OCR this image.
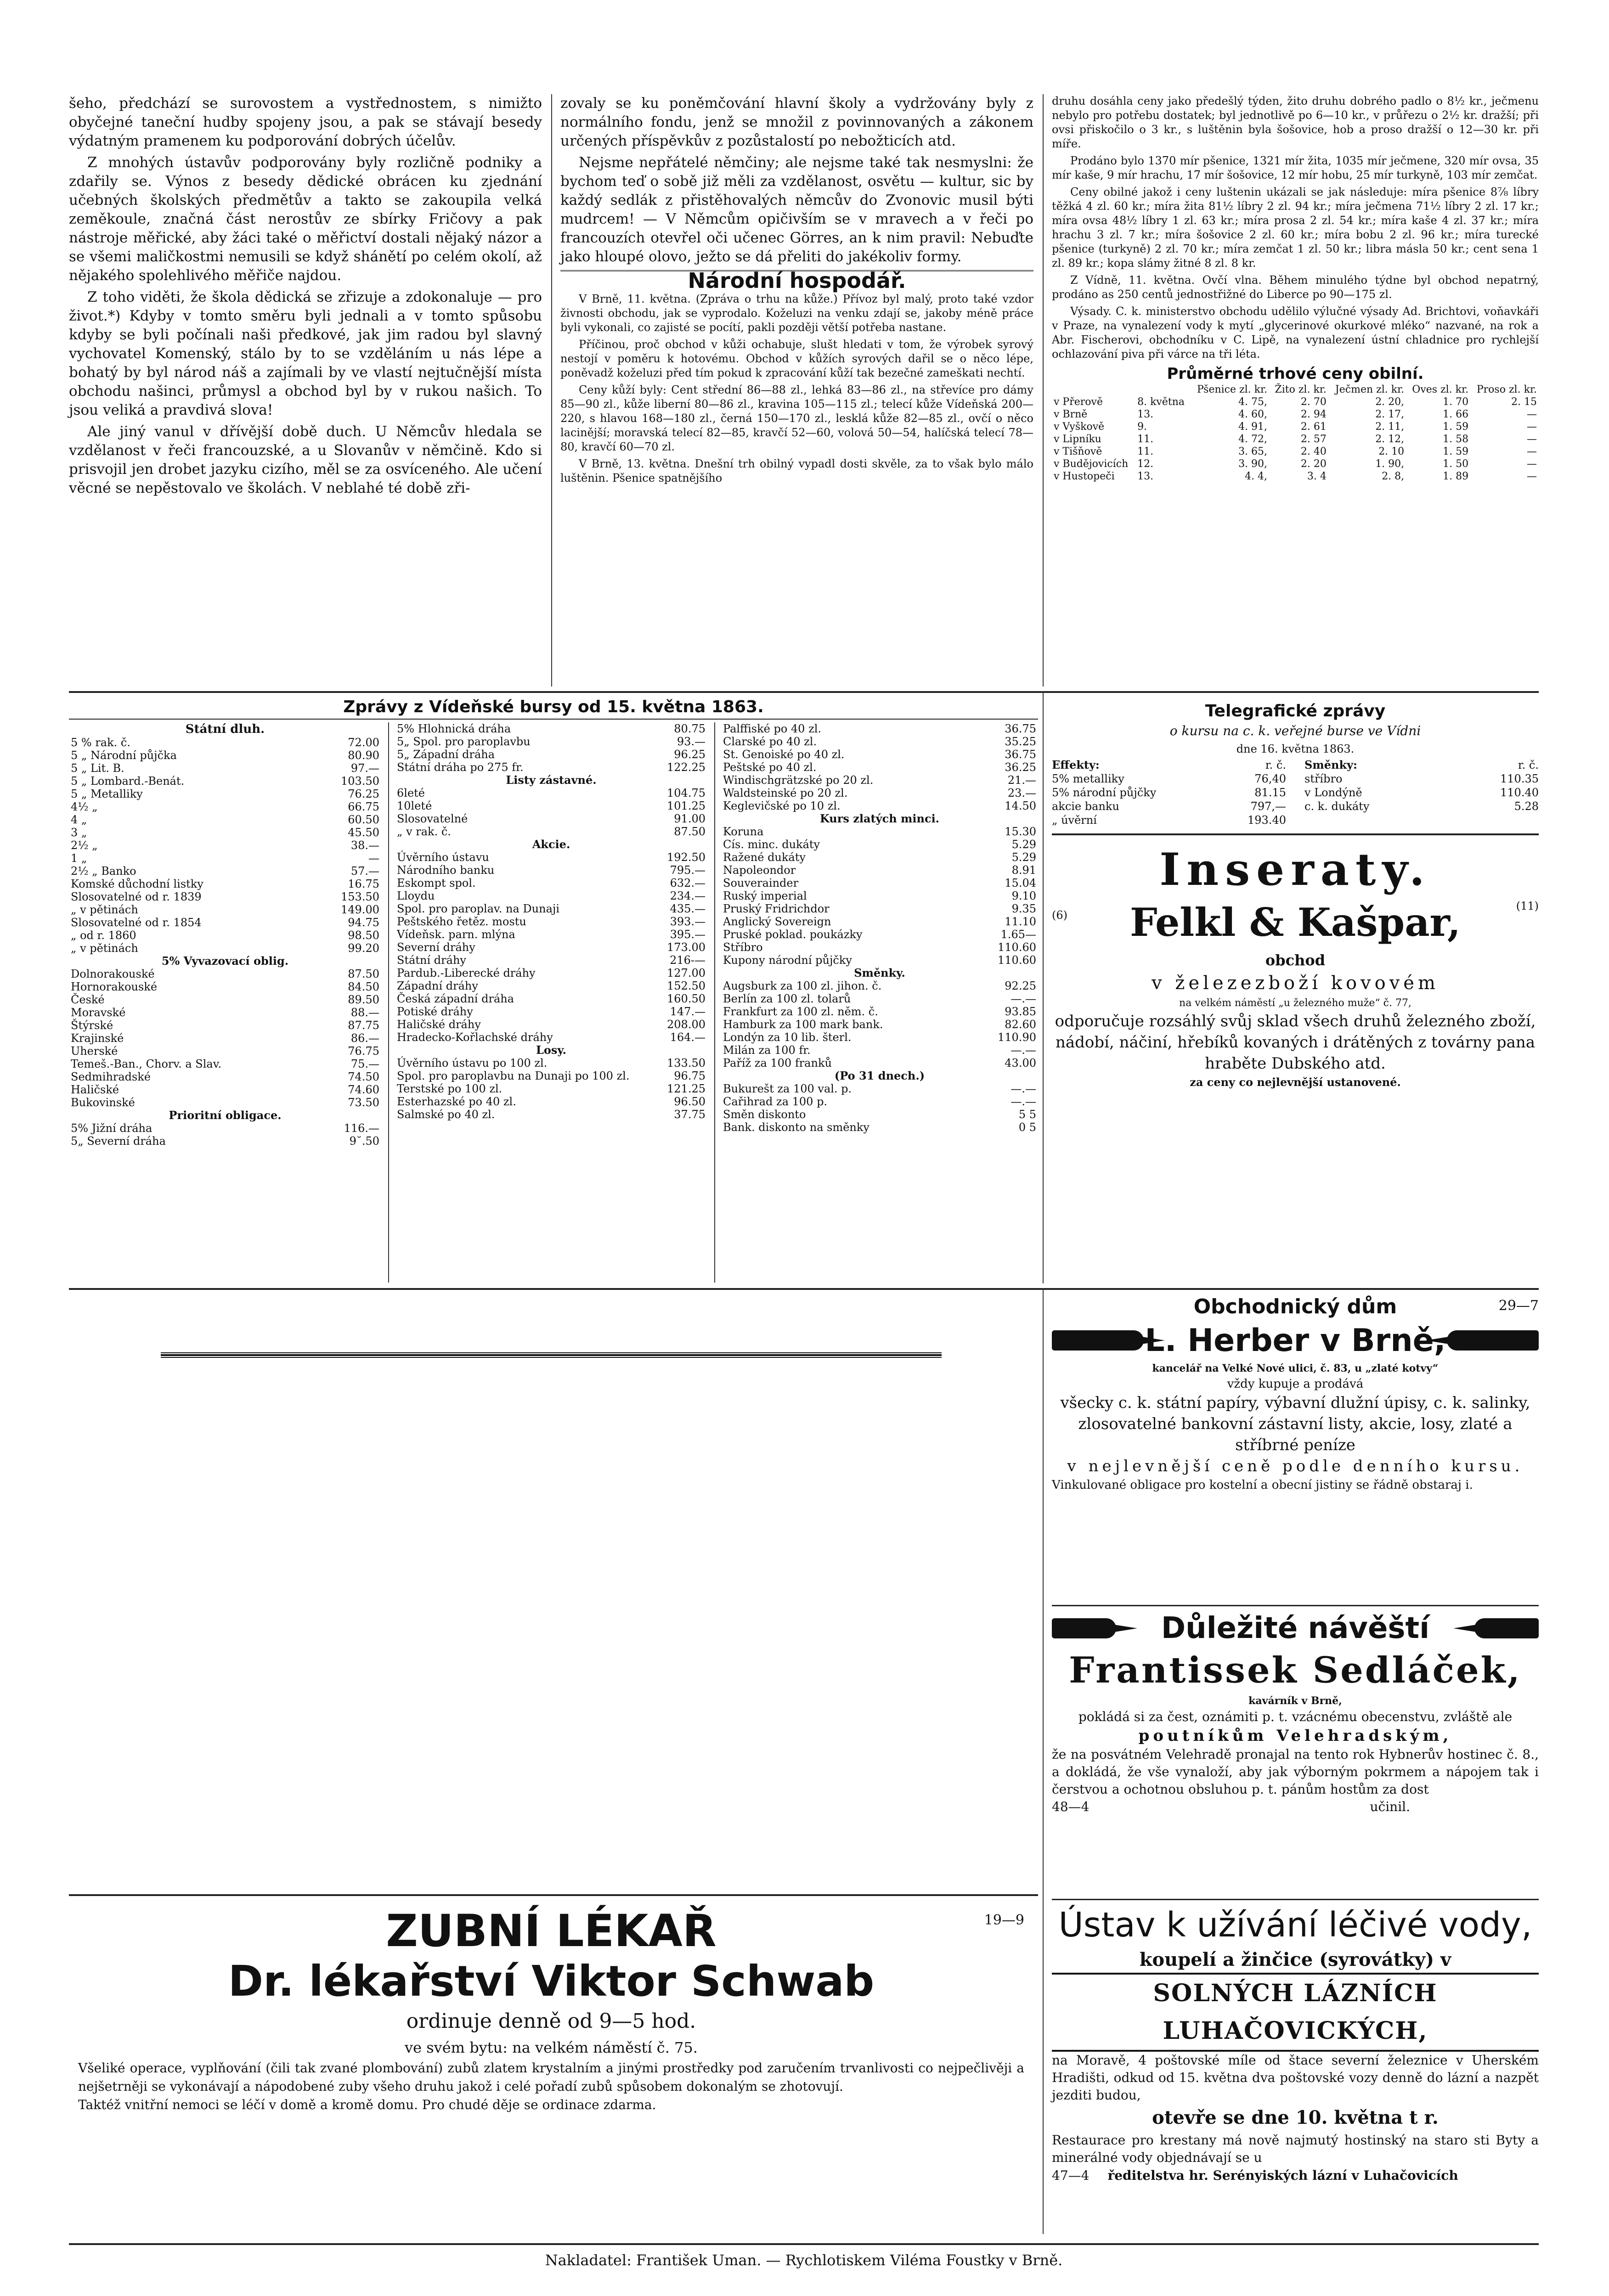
šeho, předchází se surovostem a vystřednostem, s nimižto obyčejné taneční hudby spojeny jsou, a pak se stávají besedy výdatným pramenem ku podporování dobrých účelův.

Z mnohých ústavův podporovány byly rozličně podniky a zdařily se. Výnos z besedy dědické obrácen ku zjednání učebných školských předmětův a takto se zakoupila velká zeměkoule, značná část nerostův ze sbírky Fričovy a pak nástroje měřické, aby žáci také o měřictví dostali nějaký názor a se všemi maličkostmi nemusili se když shánětí po celém okolí, až nějakého spolehlivého měřiče najdou.

Z toho viděti, že škola dědická se zřizuje a zdokonaluje — pro život.*) Kdyby v tomto směru byli jednali a v tomto spůsobu kdyby se byli počínali naši předkové, jak jim radou byl slavný vychovatel Komenský, stálo by to se vzděláním u nás lépe a bohatý by byl národ náš a zajímali by ve vlastí nejtučnější místa obchodu našinci, průmysl a obchod byl by v rukou našich. To jsou veliká a pravdivá slova!

Ale jiný vanul v dřívější době duch. U Němcův hledala se vzdělanost v řeči francouzské, a u Slovanův v němčině. Kdo si prisvojil jen drobet jazyku cizího, měl se za osvíceného. Ale učení věcné se nepěstovalo ve školách. V neblahé té době zři-

zovaly se ku poněmčování hlavní školy a vydržovány byly z normálního fondu, jenž se množil z povinnovaných a zákonem určených příspěvkův z pozůstalostí po nebožticích atd.

Nejsme nepřátelé němčiny; ale nejsme také tak nesmyslni: že bychom teď o sobě již měli za vzdělanost, osvětu — kultur, sic by každý sedlák z přistěhovalých němcův do Zvonovic musil býti mudrcem! — V Němcům opičivším se v mravech a v řeči po francouzích otevřel oči učenec Görres, an k nim pravil: Nebuďte jako hloupé olovo, ježto se dá přeliti do jakékoliv formy.

Národní hospodář.

V Brně, 11. května. (Zpráva o trhu na kůže.) Přívoz byl malý, proto také vzdor živnosti obchodu, jak se vyprodalo. Koželuzi na venku zdají se, jakoby méně práce byli vykonali, co zajisté se pocítí, pakli později větší potřeba nastane.

Příčinou, proč obchod v kůži ochabuje, slušt hledati v tom, že výrobek syrový nestojí v poměru k hotovému. Obchod v kůžích syrových dařil se o něco lépe, poněvadž koželuzi před tím pokud k zpracování kůží tak bezečné zameškati nechtí.

Ceny kůží byly: Cent střední 86—88 zl., lehká 83—86 zl., na střevíce pro dámy 85—90 zl., kůže liberní 80—86 zl., kravina 105—115 zl.; telecí kůže Vídeňská 200—220, s hlavou 168—180 zl., černá 150—170 zl., lesklá kůže 82—85 zl., ovčí o něco lacinější; moravská telecí 82—85, kravčí 52—60, volová 50—54, halíčská telecí 78—80, kravčí 60—70 zl.

V Brně, 13. května. Dnešní trh obilný vypadl dosti skvěle, za to však bylo málo luštěnin. Pšenice spatnějšího

druhu dosáhla ceny jako předešlý týden, žito druhu dobrého padlo o 8½ kr., ječmenu nebylo pro potřebu dostatek; byl jednotlivě po 6—10 kr., v průřezu o 2½ kr. dražší; při ovsi přiskočilo o 3 kr., s luštěnin byla šošovice, hob a proso dražší o 12—30 kr. při míře.

Prodáno bylo 1370 mír pšenice, 1321 mír žita, 1035 mír ječmene, 320 mír ovsa, 35 mír kaše, 9 mír hrachu, 17 mír šošovice, 12 mír hobu, 25 mír turkyně, 103 mír zemčat.

Ceny obilné jakož i ceny luštenin ukázali se jak následuje: míra pšenice 8⅞ líbry těžká 4 zl. 60 kr.; míra žita 81½ líbry 2 zl. 94 kr.; míra ječmena 71½ líbry 2 zl. 17 kr.; míra ovsa 48½ líbry 1 zl. 63 kr.; míra prosa 2 zl. 54 kr.; míra kaše 4 zl. 37 kr.; míra hrachu 3 zl. 7 kr.; míra šošovice 2 zl. 60 kr.; míra bobu 2 zl. 96 kr.; míra turecké pšenice (turkyně) 2 zl. 70 kr.; míra zemčat 1 zl. 50 kr.; libra másla 50 kr.; cent sena 1 zl. 89 kr.; kopa slámy žitné 8 zl. 8 kr.

Z Vídně, 11. května. Ovčí vlna. Během minulého týdne byl obchod nepatrný, prodáno as 250 centů jednostřižné do Liberce po 90—175 zl.

Výsady. C. k. ministerstvo obchodu udělilo výlučné výsady Ad. Brichtovi, voňavkáři v Praze, na vynalezení vody k mytí „glycerinové okurkové mléko“ nazvané, na rok a Abr. Fischerovi, obchodníku v C. Lipě, na vynalezení ústní chladnice pro rychlejší ochlazování piva při várce na tři léta.

Průměrné trhové ceny obilní.
		Pšenice zl. kr.	Žito zl. kr.	Ječmen zl. kr.	Oves zl. kr.	Proso zl. kr.
v Přerově	8. května	4. 75,	2. 70	2. 20,	1. 70	2. 15
v Brně	13.	4. 60,	2. 94	2. 17,	1. 66	—
v Vyškově	9.	4. 91,	2. 61	2. 11,	1. 59	—
v Lipníku	11.	4. 72,	2. 57	2. 12,	1. 58	—
v Tišňově	11.	3. 65,	2. 40	2. 10	1. 59	—
v Budějovicích	12.	3. 90,	2. 20	1. 90,	1. 50	—
v Hustopeči	13.	4. 4,	3. 4	2. 8,	1. 89	—
Zprávy z Vídeňské bursy od 15. května 1863.
Státní dluh.
5 % rak. č.	72.00
5 „ Národní půjčka	80.90
5 „ Lit. B.	97.—
5 „ Lombard.-Benát.	103.50
5 „ Metalliky	76.25
4½ „	66.75
4 „	60.50
3 „	45.50
2½ „	38.—
1 „	—
2½ „ Banko	57.—
Komské důchodní listky	16.75
Slosovatelné od r. 1839	153.50
„ v pětinách	149.00
Slosovatelné od r. 1854	94.75
„ od r. 1860	98.50
„ v pětinách	99.20
5% Vyvazovací oblig.	
Dolnorakouské	87.50
Hornorakouské	84.50
České	89.50
Moravské	88.—
Štýrské	87.75
Krajinské	86.—
Uherské	76.75
Temeš.-Ban., Chorv. a Slav.	75.—
Sedmihradské	74.50
Haličské	74.60
Bukovinské	73.50
Prioritní obligace.	
5% Jižní dráha	116.—
5„ Severní dráha	9˘.50
5% Hlohnická dráha	80.75
5„ Spol. pro paroplavbu	93.—
5„ Západní dráha	96.25
Státní dráha po 275 fr.	122.25
Listy zástavné.	
6leté	104.75
10leté	101.25
Slosovatelné	91.00
„ v rak. č.	87.50
Akcie.	
Úvěrního ústavu	192.50
Národního banku	795.—
Eskompt spol.	632.—
Lloydu	234.—
Spol. pro paroplav. na Dunaji	435.—
Peštského řetěz. mostu	393.—
Vídeňsk. parn. mlýna	395.—
Severní dráhy	173.00
Státní dráhy	216-—
Pardub.-Liberecké dráhy	127.00
Západní dráhy	152.50
Česká západní dráha	160.50
Potiské dráhy	147.—
Haličské dráhy	208.00
Hradecko-Kořlachské dráhy	164.—
Losy.	
Úvěrního ústavu po 100 zl.	133.50
Spol. pro paroplavbu na Dunaji po 100 zl.	96.75
Terstské po 100 zl.	121.25
Esterhazské po 40 zl.	96.50
Salmské po 40 zl.	37.75
Palffiské po 40 zl.	36.75
Clarské po 40 zl.	35.25
St. Genoiské po 40 zl.	36.75
Peštské po 40 zl.	36.25
Windischgrätzské po 20 zl.	21.—
Waldsteinské po 20 zl.	23.—
Keglevičské po 10 zl.	14.50
Kurs zlatých minci.	
Koruna	15.30
Cís. minc. dukáty	5.29
Ražené dukáty	5.29
Napoleondor	8.91
Souverainder	15.04
Ruský imperial	9.10
Pruský Fridrichdor	9.35
Anglický Sovereign	11.10
Pruské poklad. poukázky	1.65—
Stříbro	110.60
Kupony národní půjčky	110.60
Směnky.	
Augsburk za 100 zl. jihon. č.	92.25
Berlín za 100 zl. tolarů	—.—
Frankfurt za 100 zl. něm. č.	93.85
Hamburk za 100 mark bank.	82.60
Londýn za 10 lib. šterl.	110.90
Milán za 100 fr.	—.—
Paříž za 100 franků	43.00
(Po 31 dnech.)	
Bukurešt za 100 val. p.	—.—
Cařihrad za 100 p.	—.—
Směn diskonto	5 5
Bank. diskonto na směnky	0 5
Telegrafické zprávy
o kursu na c. k. veřejné burse ve Vídni
dne 16. května 1863.
Effekty:	r. č.
5% metalliky	76,40
5% národní půjčky	81.15
akcie banku	797,—
„ úvěrní	193.40
Směnky:	r. č.
stříbro	110.35
v Londýně	110.40
c. k. dukáty	5.28
Inseraty.
(6)	Felkl & Kašpar,	(11)
obchod
v železezboží kovovém
na velkém náměstí „u železného muže“ č. 77,
odporučuje rozsáhlý svůj sklad všech druhů železného zboží, nádobí, náčiní, hřebíků kovaných i drátěných z továrny pana hraběte Dubského atd.
za ceny co nejlevnější ustanovené.
Obchodnický dům	29—7
L. Herber v Brně,
kancelář na Velké Nové ulici, č. 83, u „zlaté kotvy“
vždy kupuje a prodává
všecky c. k. státní papíry, výbavní dlužní úpisy, c. k. salinky, zlosovatelné bankovní zástavní listy, akcie, losy, zlaté a stříbrné peníze
v nejlevnější ceně podle denního kursu.
Vinkulované obligace pro kostelní a obecní jistiny se řádně obstaraj i.
Důležité návěští
Frantissek Sedláček,
kavárník v Brně,
pokládá si za čest, oznámiti p. t. vzácnému obecenstvu, zvláště ale
poutníkům Velehradským,
že na posvátném Velehradě pronajal na tento rok Hybnerův hostinec č. 8., a dokládá, že vše vynaloží, aby jak výborným pokrmem a nápojem tak i čerstvou a ochotnou obsluhou p. t. pánům hostům za dost
48—4	učinil.
ZUBNÍ LÉKAŘ	19—9
Dr. lékařství Viktor Schwab
ordinuje denně od 9—5 hod.
ve svém bytu: na velkém náměstí č. 75.
Všeliké operace, vyplňování (čili tak zvané plombování) zubů zlatem krystalním a jinými prostředky pod zaručením trvanlivosti co nejpečlivěji a nejšetrněji se vykonávají a nápodobené zuby všeho druhu jakož i celé pořadí zubů spůsobem dokonalým se zhotovují.
Taktéž vnitřní nemoci se léčí v domě a kromě domu. Pro chudé děje se ordinace zdarma.
Ústav k užívání léčivé vody,
koupelí a žinčice (syrovátky) v
SOLNÝCH LÁZNÍCH LUHAČOVICKÝCH,
na Moravě, 4 poštovské míle od štace severní železnice v Uherském Hradišti, odkud od 15. května dva poštovské vozy denně do lázní a nazpět jezditi budou,
otevře se dne 10. května t r.
Restaurace pro krestany má nově najmutý hostinský na staro sti Byty a minerálné vody objednávají se u
47—4 ředitelstva hr. Serényiských lázní v Luhačovicích
Nakladatel: František Uman. — Rychlotiskem Viléma Foustky v Brně.
